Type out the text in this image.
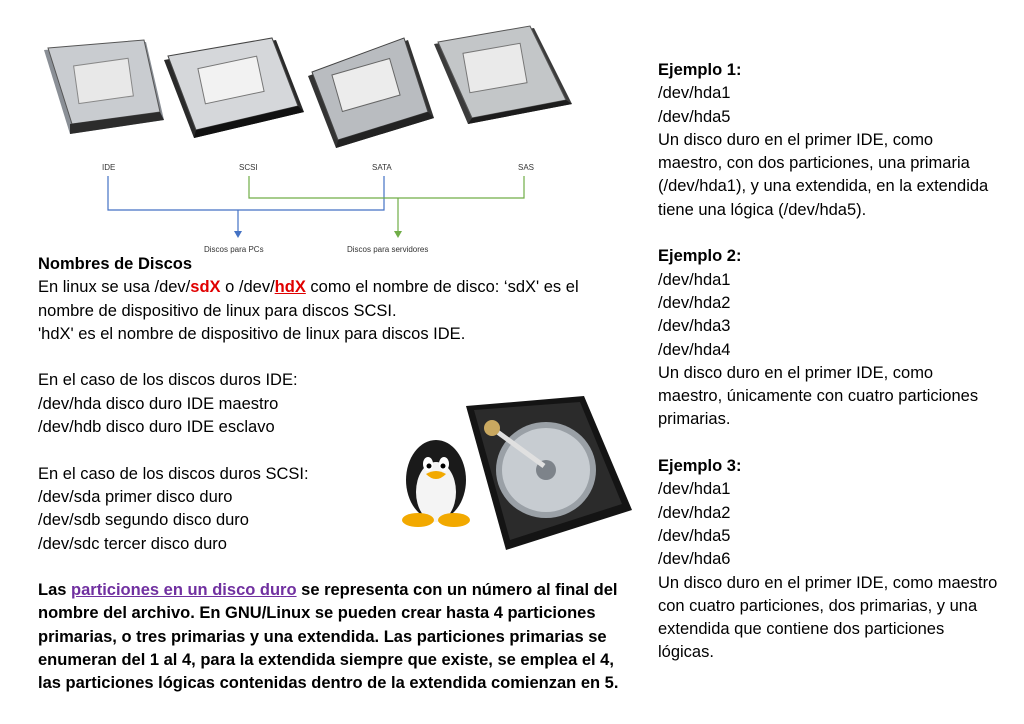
IDE	SCSI	SATA	SAS
Discos para PCs	Discos para servidores

Nombres de Discos

En linux se usa /dev/sdX o /dev/hdX como el nombre de disco: ‘sdX' es el nombre de dispositivo de linux para discos SCSI.

'hdX' es el nombre de dispositivo de linux para discos IDE.

En el caso de los discos duros IDE:

/dev/hda disco duro IDE maestro

/dev/hdb disco duro IDE esclavo

En el caso de los discos duros SCSI:

/dev/sda primer disco duro

/dev/sdb segundo disco duro

/dev/sdc tercer disco duro

Las particiones en un disco duro se representa con un número al final del nombre del archivo. En GNU/Linux se pueden crear hasta 4 particiones primarias, o tres primarias y una extendida. Las particiones primarias se enumeran del 1 al 4, para la extendida siempre que existe, se emplea el 4, las particiones lógicas contenidas dentro de la extendida comienzan en 5.

Ejemplo 1:

/dev/hda1

/dev/hda5

Un disco duro en el primer IDE, como maestro, con dos particiones, una primaria (/dev/hda1), y una extendida, en la extendida tiene una lógica (/dev/hda5).

Ejemplo 2:

/dev/hda1

/dev/hda2

/dev/hda3

/dev/hda4

Un disco duro en el primer IDE, como maestro, únicamente con cuatro particiones primarias.

Ejemplo 3:

/dev/hda1

/dev/hda2

/dev/hda5

/dev/hda6

Un disco duro en el primer IDE, como maestro con cuatro particiones, dos primarias, y una extendida que contiene dos particiones lógicas.
